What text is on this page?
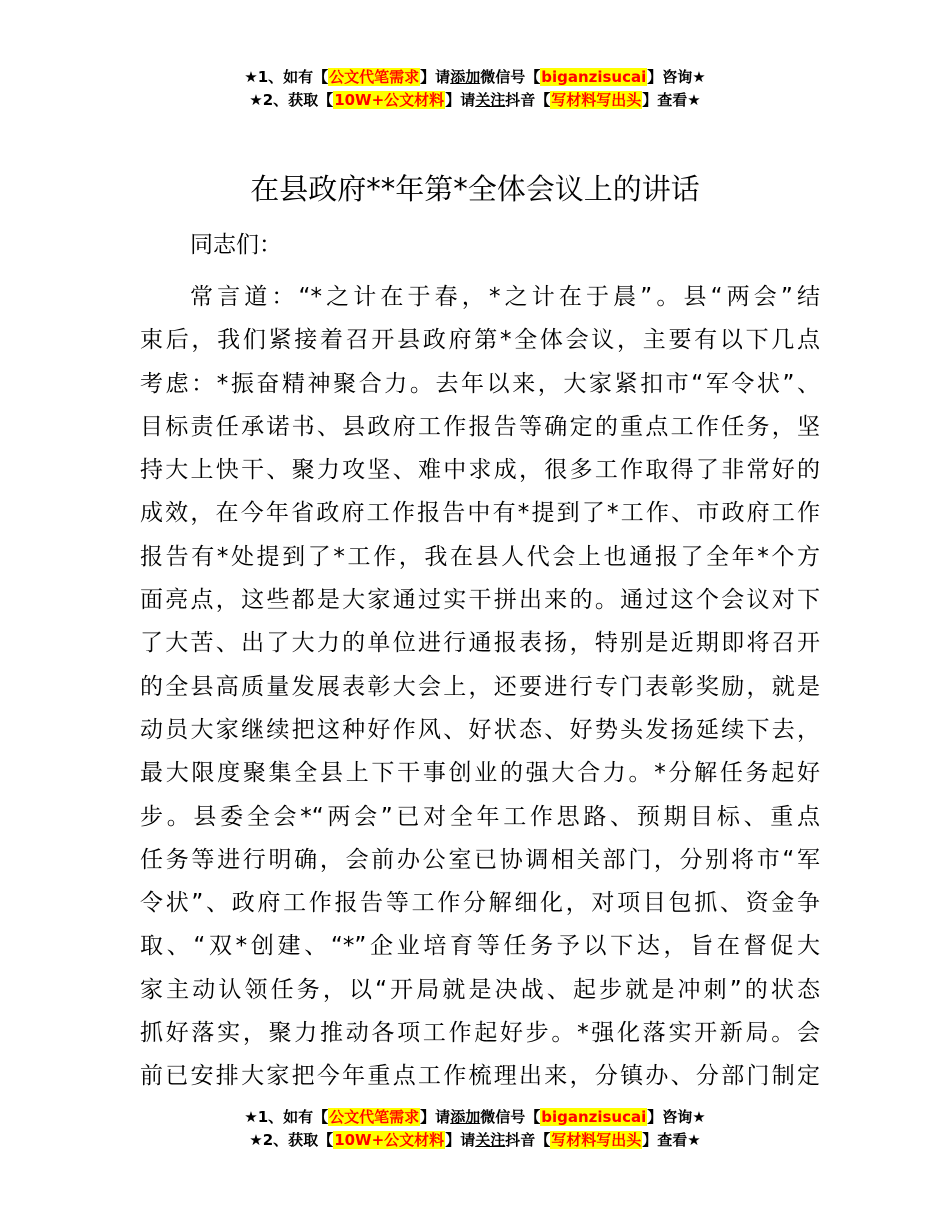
★1、如有【公文代笔需求】请添加微信号【biganzisucai】咨询★
★2、获取【10W+公文材料】请关注抖音【写材料写出头】查看★
在县政府**年第*全体会议上的讲话
同志们：
常言道：“*之计在于春，*之计在于晨”。县“两会”结
束后，我们紧接着召开县政府第*全体会议，主要有以下几点
考虑：*振奋精神聚合力。去年以来，大家紧扣市“军令状”、
目标责任承诺书、县政府工作报告等确定的重点工作任务，坚
持大上快干、聚力攻坚、难中求成，很多工作取得了非常好的
成效，在今年省政府工作报告中有*提到了*工作、市政府工作
报告有*处提到了*工作，我在县人代会上也通报了全年*个方
面亮点，这些都是大家通过实干拼出来的。通过这个会议对下
了大苦、出了大力的单位进行通报表扬，特别是近期即将召开
的全县高质量发展表彰大会上，还要进行专门表彰奖励，就是
动员大家继续把这种好作风、好状态、好势头发扬延续下去，
最大限度聚集全县上下干事创业的强大合力。*分解任务起好
步。县委全会*“两会”已对全年工作思路、预期目标、重点
任务等进行明确，会前办公室已协调相关部门，分别将市“军
令状”、政府工作报告等工作分解细化，对项目包抓、资金争
取、“双*创建、“*”企业培育等任务予以下达，旨在督促大
家主动认领任务，以“开局就是决战、起步就是冲刺”的状态
抓好落实，聚力推动各项工作起好步。*强化落实开新局。会
前已安排大家把今年重点工作梳理出来，分镇办、分部门制定
★1、如有【公文代笔需求】请添加微信号【biganzisucai】咨询★
★2、获取【10W+公文材料】请关注抖音【写材料写出头】查看★
